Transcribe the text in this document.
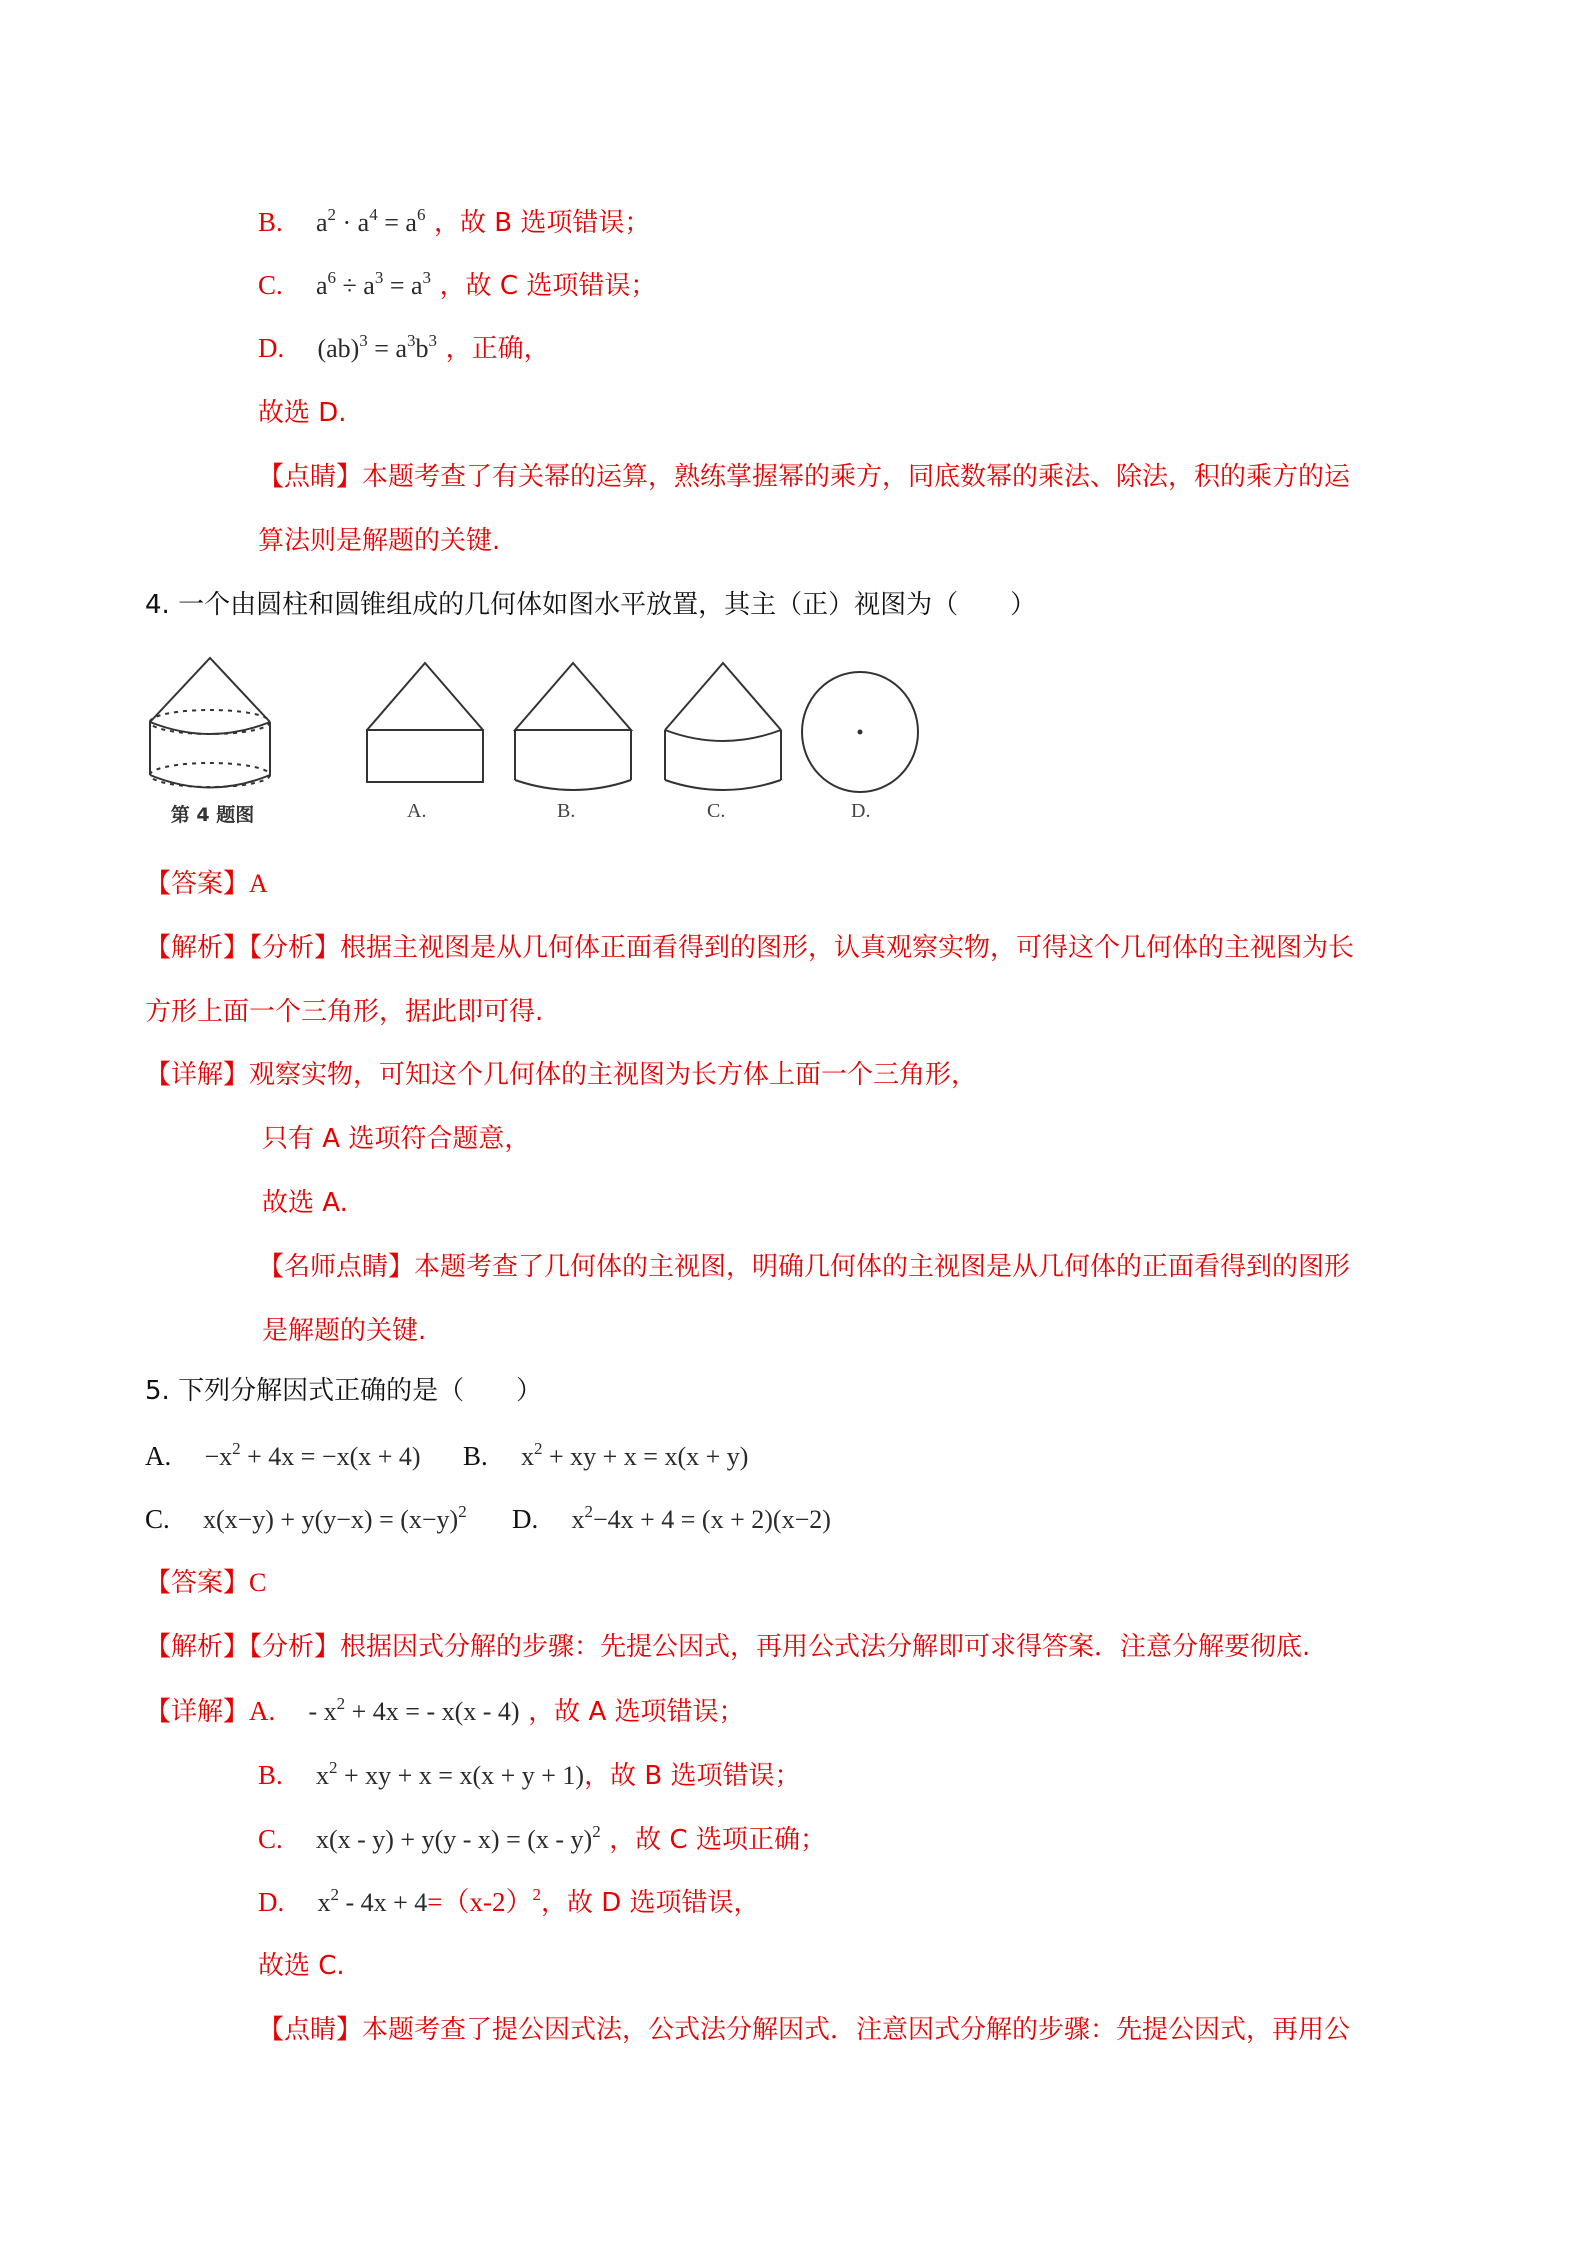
B. $a^2 \cdot a^4 = a^6$ ，故 B 选项错误；
C. $a^6 \div a^3 = a^3$ ，故 C 选项错误；
D. $(ab)^3 = a^3b^3$ ，正确，
故选 D.
【点睛】本题考查了有关幂的运算，熟练掌握幂的乘方，同底数幂的乘法、除法，积的乘方的运
算法则是解题的关键.
4. 一个由圆柱和圆锥组成的几何体如图水平放置，其主（正）视图为（　　）
第 4 题图	A.	B.	C.	D.
【答案】A
【解析】【分析】根据主视图是从几何体正面看得到的图形，认真观察实物，可得这个几何体的主视图为长
方形上面一个三角形，据此即可得.
【详解】观察实物，可知这个几何体的主视图为长方体上面一个三角形，
只有 A 选项符合题意，
故选 A.
【名师点睛】本题考查了几何体的主视图，明确几何体的主视图是从几何体的正面看得到的图形
是解题的关键.
5. 下列分解因式正确的是（　　）
A. $-x^2 + 4x = -x(x + 4)$ B. $x^2$ + xy + x = x(x + y)
C. $x(x-y) + y(y-x) = (x-y)^2$ D. $x^2-4x + 4 = (x + 2)(x-2)$
【答案】C
【解析】【分析】根据因式分解的步骤：先提公因式，再用公式法分解即可求得答案．注意分解要彻底.
【详解】A. - $x^2 + 4x$ = - x(x - 4) ，故 A 选项错误；
B. $x^2$ + xy + x = x(x + y + 1)，故 B 选项错误；
C. x(x - y) + y(y - x) = (x - y)$^2$ ，故 C 选项正确；
D. $x^2 - 4x + 4=(x-2)^2$，故 D 选项错误，
故选 C.
【点睛】本题考查了提公因式法，公式法分解因式．注意因式分解的步骤：先提公因式，再用公
